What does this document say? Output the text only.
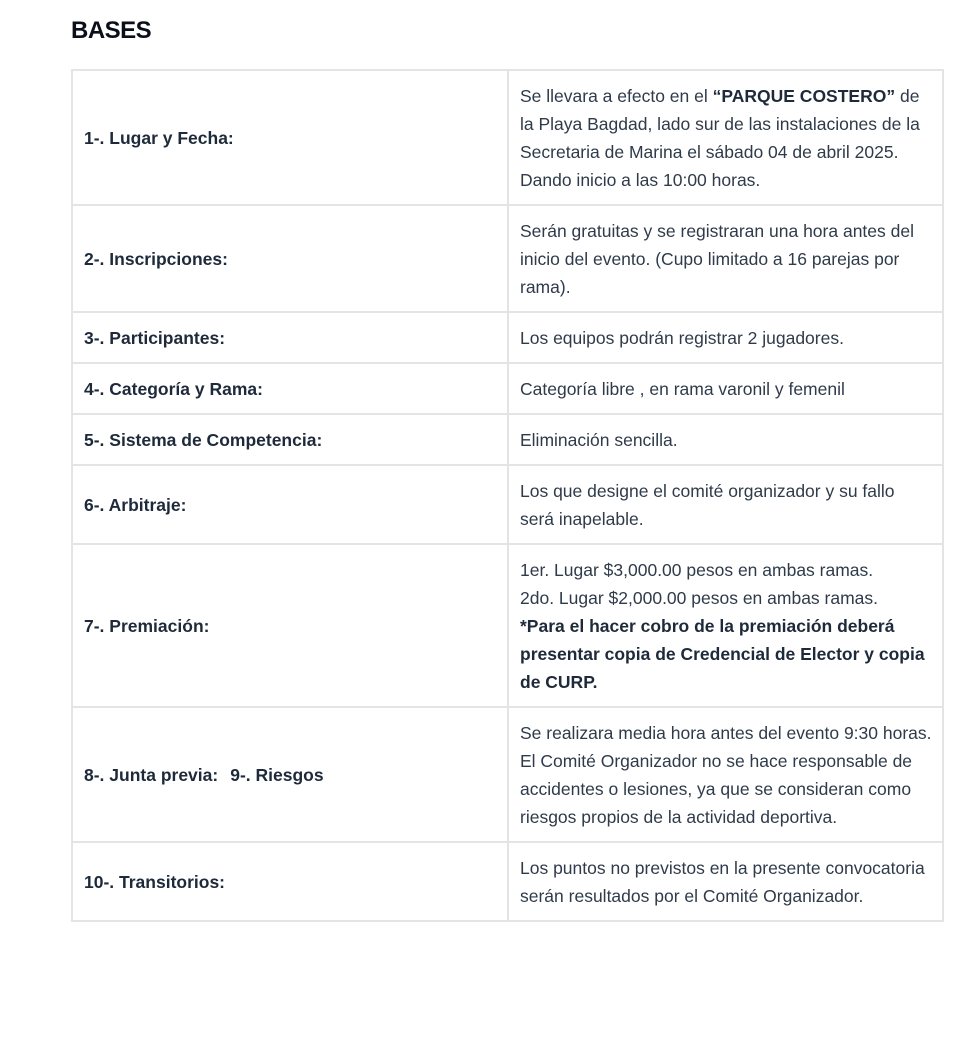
BASES
1-. Lugar y Fecha:	Se llevara a efecto en el “PARQUE COSTERO” de la Playa Bagdad, lado sur de las instalaciones de la Secretaria de Marina el sábado 04 de abril 2025. Dando inicio a las 10:00 horas.
2-. Inscripciones:	Serán gratuitas y se registraran una hora antes del inicio del evento. (Cupo limitado a 16 parejas por rama).
3-. Participantes:	Los equipos podrán registrar 2 jugadores.
4-. Categoría y Rama:	Categoría libre , en rama varonil y femenil
5-. Sistema de Competencia:	Eliminación sencilla.
6-. Arbitraje:	Los que designe el comité organizador y su fallo será inapelable.
7-. Premiación:	1er. Lugar $3,000.00 pesos en ambas ramas.
2do. Lugar $2,000.00 pesos en ambas ramas.
*Para el hacer cobro de la premiación deberá presentar copia de Credencial de Elector y copia de CURP.

8-. Junta previa: 9-. Riesgos	Se realizara media hora antes del evento 9:30 horas. El Comité Organizador no se hace responsable de accidentes o lesiones, ya que se consideran como riesgos propios de la actividad deportiva.
10-. Transitorios:	Los puntos no previstos en la presente convocatoria serán resultados por el Comité Organizador.
